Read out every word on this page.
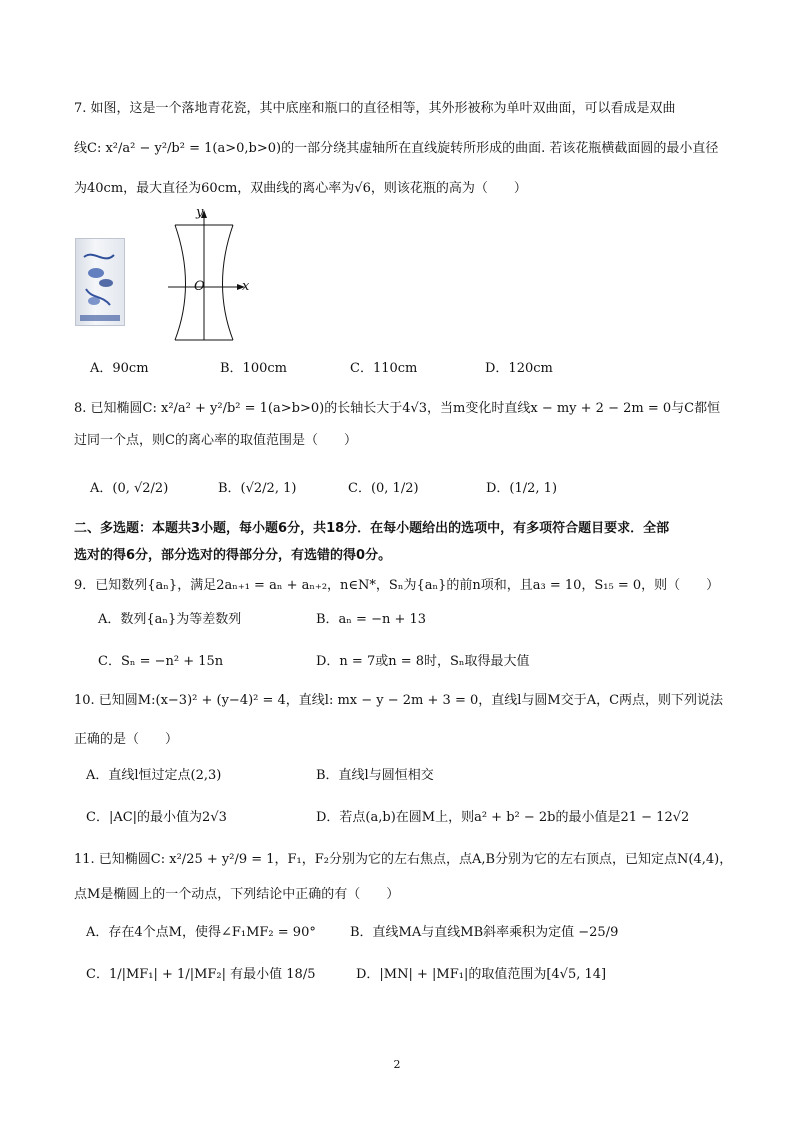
7. 如图，这是一个落地青花瓷，其中底座和瓶口的直径相等，其外形被称为单叶双曲面，可以看成是双曲
线C: x²/a² − y²/b² = 1(a>0,b>0)的一部分绕其虚轴所在直线旋转所形成的曲面. 若该花瓶横截面圆的最小直径
为40cm，最大直径为60cm，双曲线的离心率为√6，则该花瓶的高为（　　）
y
x
O
A．90cm	B．100cm	C．110cm	D．120cm
8. 已知椭圆C: x²/a² + y²/b² = 1(a>b>0)的长轴长大于4√3，当m变化时直线x − my + 2 − 2m = 0与C都恒
过同一个点，则C的离心率的取值范围是（　　）
A．(0, √2/2)	B．(√2/2, 1)	C．(0, 1/2)	D．(1/2, 1)
二、多选题：本题共3小题，每小题6分，共18分．在每小题给出的选项中，有多项符合题目要求．全部
选对的得6分，部分选对的得部分分，有选错的得0分。
9．已知数列{aₙ}，满足2aₙ₊₁ = aₙ + aₙ₊₂，n∈N*，Sₙ为{aₙ}的前n项和，且a₃ = 10，S₁₅ = 0，则（　　）
A．数列{aₙ}为等差数列	B．aₙ = −n + 13
C．Sₙ = −n² + 15n	D．n = 7或n = 8时，Sₙ取得最大值
10. 已知圆M:(x−3)² + (y−4)² = 4，直线l: mx − y − 2m + 3 = 0，直线l与圆M交于A，C两点，则下列说法
正确的是（　　）
A．直线l恒过定点(2,3)	B．直线l与圆恒相交
C．|AC|的最小值为2√3	D．若点(a,b)在圆M上，则a² + b² − 2b的最小值是21 − 12√2
11. 已知椭圆C: x²/25 + y²/9 = 1，F₁，F₂分别为它的左右焦点，点A,B分别为它的左右顶点，已知定点N(4,4)，
点M是椭圆上的一个动点，下列结论中正确的有（　　）
A．存在4个点M，使得∠F₁MF₂ = 90°	B．直线MA与直线MB斜率乘积为定值 −25/9
C．1/|MF₁| + 1/|MF₂| 有最小值 18/5	D．|MN| + |MF₁|的取值范围为[4√5, 14]
2
